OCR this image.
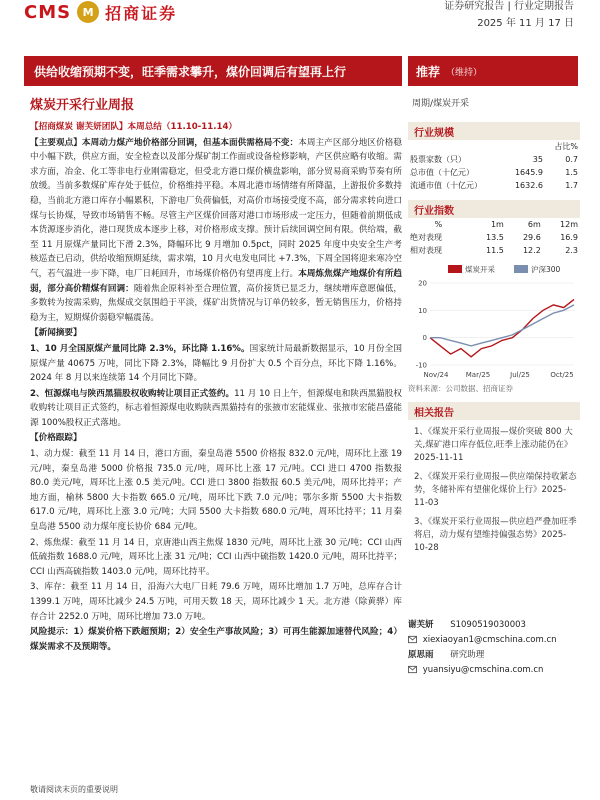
CMS	M 招商证券	证券研究报告 | 行业定期报告
2025 年 11 月 17 日
供给收缩预期不变，旺季需求攀升，煤价回调后有望再上行	推荐 （维持）
煤炭开采行业周报	周期/煤炭开采

【招商煤炭 谢芙妍团队】本周总结（11.10-11.14）

【主要观点】本周动力煤产地价格部分回调，但基本面供需格局不变：本周主产区部分地区价格稳中小幅下跌，供应方面，安全检查以及部分煤矿制工作面或设备检修影响，产区供应略有收缩。需求方面，冶金、化工等非电行业刚需稳定，但受北方港口煤价横盘影响，部分贸易商采购节奏有所放缓。当前多数煤矿库存处于低位，价格维持平稳。本周北港市场情绪有所降温，上游报价多数持稳，当前北方港口库存小幅累积，下游电厂负荷偏低，对高价市场接受度不高，部分需求转向进口煤与长协煤，导致市场销售不畅。尽管主产区煤价回落对港口市场形成一定压力，但随着前期低成本货源逐步消化，港口现货成本逐步上移，对价格形成支撑。预计后续回调空间有限。供给端，截至 11 月原煤产量同比下滑 2.3%，降幅环比 9 月增加 0.5pct，同时 2025 年度中央安全生产考核巡查已启动，供给收缩预期延续，需求端，10 月火电发电同比 +7.3%，下周全国将迎来寒冷空气，若气温进一步下降，电厂日耗回升，市场煤价格仍有望再度上行。本周炼焦煤产地煤价有所趋弱，部分高价精煤有回调：随着焦企原料补至合理位置，高价接货已显乏力，继续增库意愿偏低，多数转为按需采购，焦煤成交氛围趋于平淡，煤矿出货情况与订单仍较多，暂无销售压力，价格持稳为主，短期煤价弱稳窄幅震荡。

【新闻摘要】

1、10 月全国原煤产量同比降 2.3%，环比降 1.16%。国家统计局最新数据显示，10 月份全国原煤产量 40675 万吨，同比下降 2.3%，降幅比 9 月份扩大 0.5 个百分点，环比下降 1.16%。2024 年 8 月以来连续第 14 个月同比下降。

2、恒源煤电与陕西黑猫股权收购转让项目正式签约。11 月 10 日上午，恒源煤电和陕西黑猫股权收购转让项目正式签约，标志着恒源煤电收购陕西黑猫持有的张掖市宏能煤业、张掖市宏能昌盛能源 100%股权正式落地。

【价格跟踪】

1、动力煤：截至 11 月 14 日，港口方面，秦皇岛港 5500 价格报 832.0 元/吨，周环比上涨 19 元/吨，秦皇岛港 5000 价格报 735.0 元/吨，周环比上涨 17 元/吨。CCI 进口 4700 指数报 80.0 美元/吨，周环比上涨 0.5 美元/吨。CCI 进口 3800 指数报 60.5 美元/吨，周环比持平；产地方面，榆林 5800 大卡指数 665.0 元/吨，周环比下跌 7.0 元/吨；鄂尔多斯 5500 大卡指数 617.0 元/吨，周环比上涨 3.0 元/吨；大同 5500 大卡指数 680.0 元/吨，周环比持平；11 月秦皇岛港 5500 动力煤年度长协价 684 元/吨。

2、炼焦煤：截至 11 月 14 日，京唐港山西主焦煤 1830 元/吨，周环比上涨 30 元/吨；CCI 山西低硫指数 1688.0 元/吨，周环比上涨 31 元/吨；CCI 山西中硫指数 1420.0 元/吨，周环比持平；CCI 山西高硫指数 1403.0 元/吨，周环比持平。

3、库存：截至 11 月 14 日，沿海六大电厂日耗 79.6 万吨，周环比增加 1.7 万吨，总库存合计 1399.1 万吨，周环比减少 24.5 万吨，可用天数 18 天，周环比减少 1 天。北方港（除黄骅）库存合计 2252.0 万吨，周环比增加 73.0 万吨。

风险提示：1）煤炭价格下跌超预期；2）安全生产事故风险；3）可再生能源加速替代风险；4）煤炭需求不及预期等。

行业规模
		占比%
股票家数（只）	35	0.7
总市值（十亿元）	1645.9	1.5
流通市值（十亿元）	1632.6	1.7
行业指数
%	1m	6m	12m
绝对表现	13.5	29.6	16.9
相对表现	11.5	12.2	2.3
煤炭开采	沪深300
-10
0
10
20
Nov/24 Mar/25	Jul/25	Oct/25
资料来源：公司数据、招商证券
相关报告
1、《煤炭开采行业周报—煤价突破 800 大关,煤矿港口库存低位,旺季上涨动能仍在》2025-11-11
2、《煤炭开采行业周报—供应端保持收紧态势，冬储补库有望催化煤价上行》2025-11-03
3、《煤炭开采行业周报—供应趋严叠加旺季将启，动力煤有望维持偏强态势》2025-10-28
谢芙妍 S1090519030003
xiexiaoyan1@cmschina.com.cn
原思雨 研究助理
yuansiyu@cmschina.com.cn
敬请阅读末页的重要说明
